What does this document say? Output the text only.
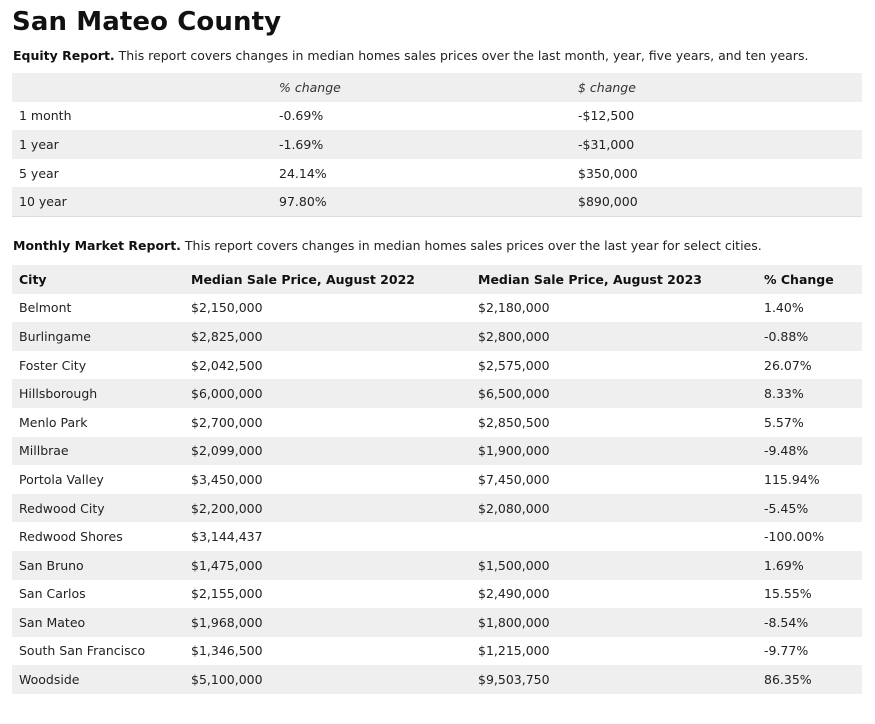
San Mateo County
Equity Report. This report covers changes in median homes sales prices over the last month, year, five years, and ten years.
	% change	$ change
1 month	-0.69%	-$12,500
1 year	-1.69%	-$31,000
5 year	24.14%	$350,000
10 year	97.80%	$890,000
Monthly Market Report. This report covers changes in median homes sales prices over the last year for select cities.
City	Median Sale Price, August 2022	Median Sale Price, August 2023	% Change
Belmont	$2,150,000	$2,180,000	1.40%
Burlingame	$2,825,000	$2,800,000	-0.88%
Foster City	$2,042,500	$2,575,000	26.07%
Hillsborough	$6,000,000	$6,500,000	8.33%
Menlo Park	$2,700,000	$2,850,500	5.57%
Millbrae	$2,099,000	$1,900,000	-9.48%
Portola Valley	$3,450,000	$7,450,000	115.94%
Redwood City	$2,200,000	$2,080,000	-5.45%
Redwood Shores	$3,144,437		-100.00%
San Bruno	$1,475,000	$1,500,000	1.69%
San Carlos	$2,155,000	$2,490,000	15.55%
San Mateo	$1,968,000	$1,800,000	-8.54%
South San Francisco	$1,346,500	$1,215,000	-9.77%
Woodside	$5,100,000	$9,503,750	86.35%
